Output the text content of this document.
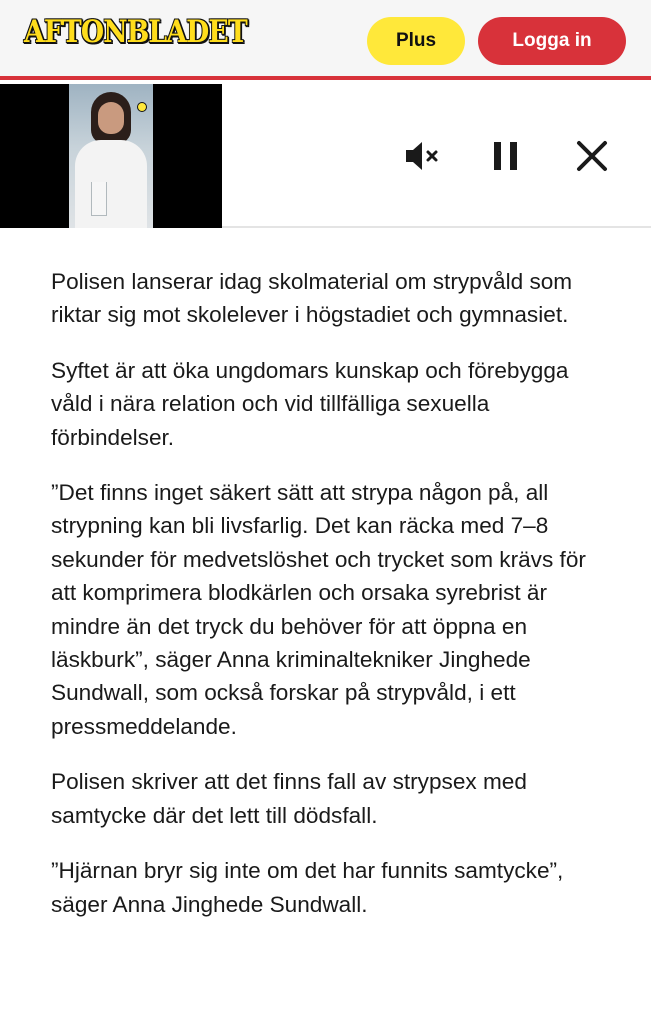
AFTONBLADET	Plus	Logga in

Polisen lanserar idag skolmaterial om strypvåld som riktar sig mot skolelever i högstadiet och gymnasiet.

Syftet är att öka ungdomars kunskap och förebygga våld i nära relation och vid tillfälliga sexuella förbindelser.

”Det finns inget säkert sätt att strypa någon på, all strypning kan bli livsfarlig. Det kan räcka med 7–8 sekunder för medvetslöshet och trycket som krävs för att komprimera blodkärlen och orsaka syrebrist är mindre än det tryck du behöver för att öppna en läskburk”, säger Anna kriminaltekniker Jinghede Sundwall, som också forskar på strypvåld, i ett pressmeddelande.

Polisen skriver att det finns fall av strypsex med samtycke där det lett till dödsfall.

”Hjärnan bryr sig inte om det har funnits samtycke”, säger Anna Jinghede Sundwall.
